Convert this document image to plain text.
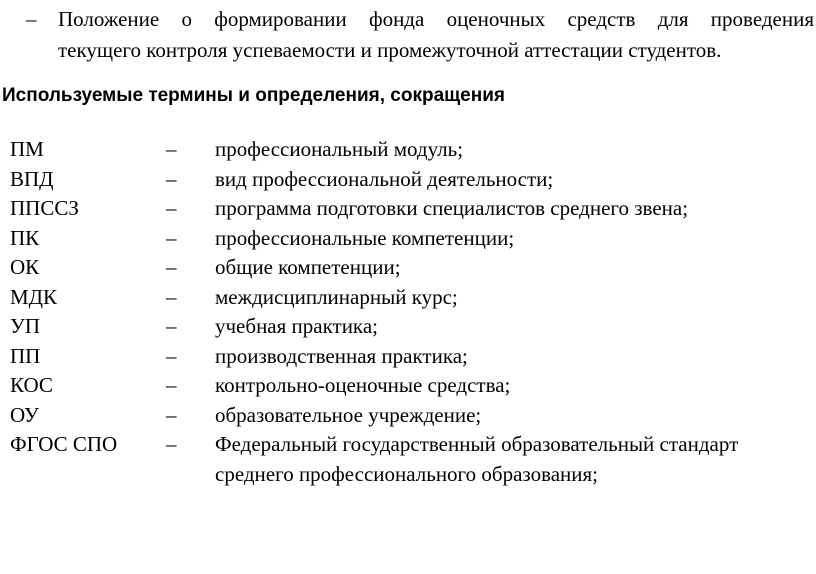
– Положение о формировании фонда оценочных средств для проведения
текущего контроля успеваемости и промежуточной аттестации студентов.
Используемые термины и определения, сокращения
ПМ	– профессиональный модуль;
ВПД	– вид профессиональной деятельности;
ППССЗ	– программа подготовки специалистов среднего звена;
ПК	– профессиональные компетенции;
ОК	– общие компетенции;
МДК	– междисциплинарный курс;
УП	– учебная практика;
ПП	– производственная практика;
КОС	– контрольно-оценочные средства;
ОУ	– образовательное учреждение;
ФГОС СПО – Федеральный государственный образовательный стандарт среднего профессионального образования;
